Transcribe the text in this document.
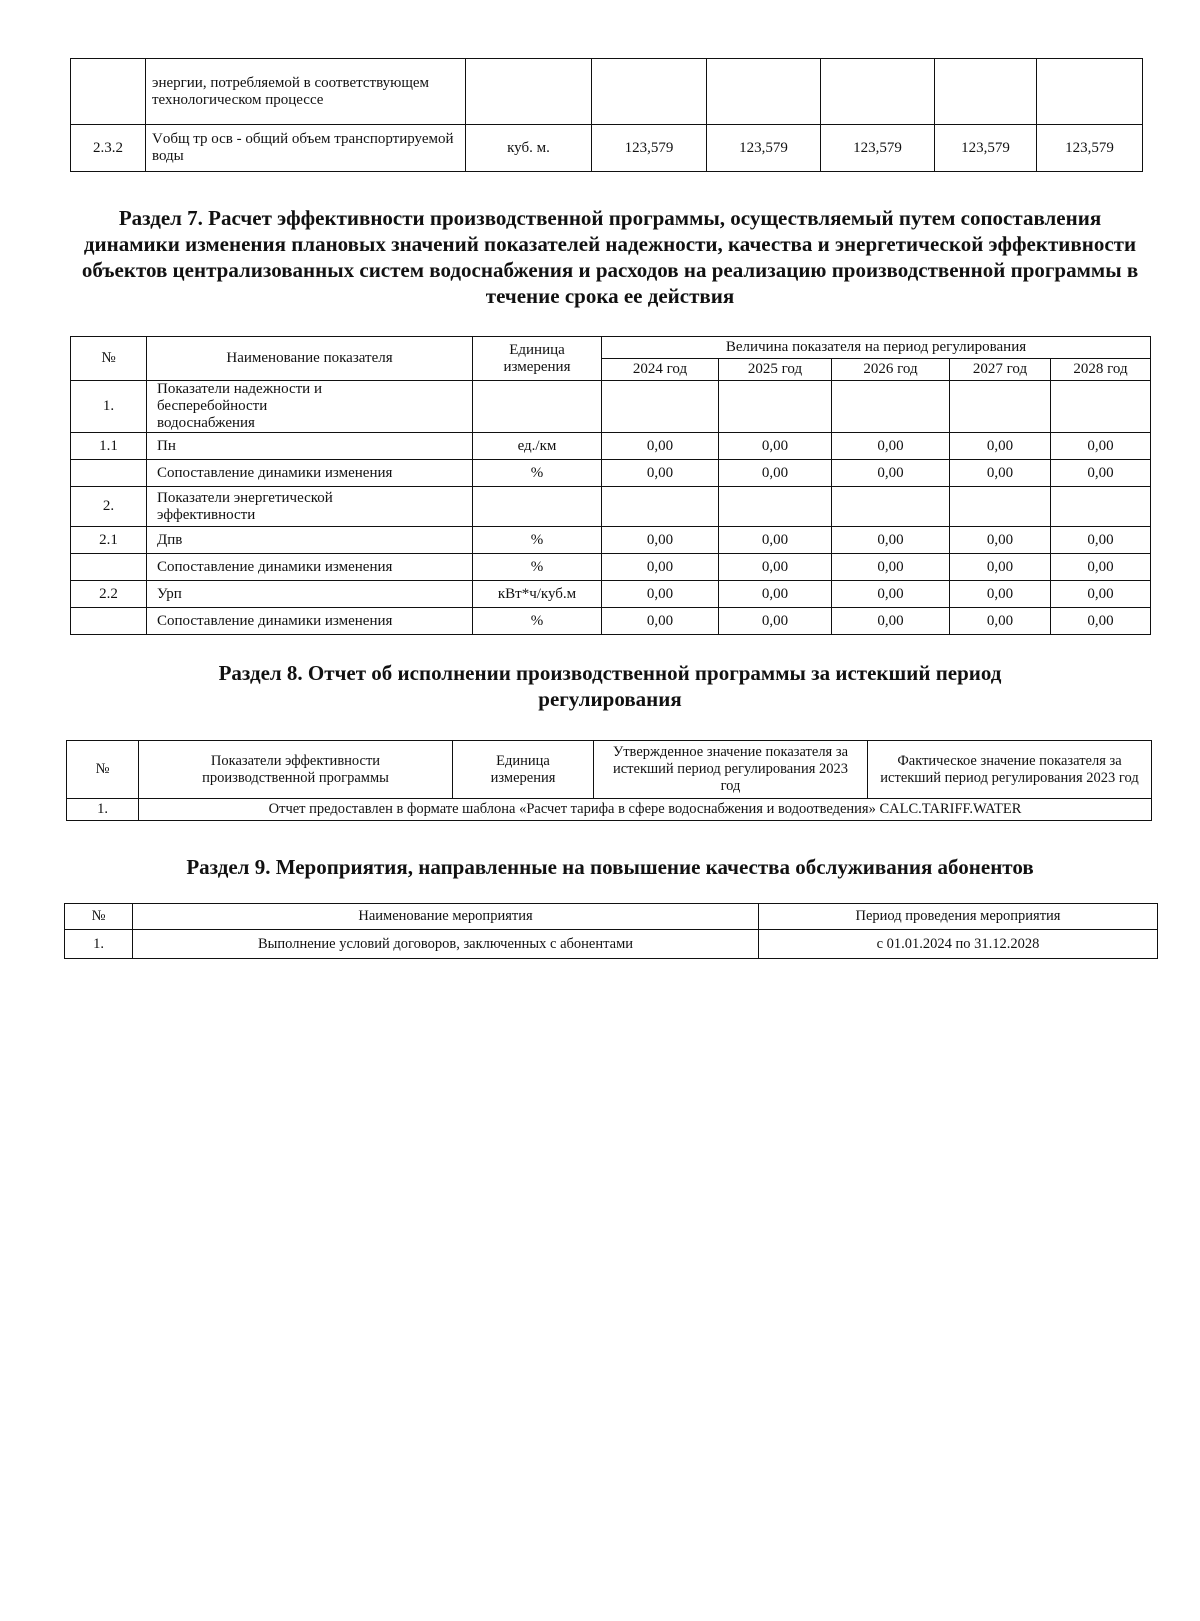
	энергии, потребляемой в соответствующем технологическом процессе						
2.3.2	Vобщ тр осв - общий объем транспортируемой воды	куб. м.	123,579	123,579	123,579	123,579	123,579
Раздел 7. Расчет эффективности производственной программы, осуществляемый путем сопоставления динамики изменения плановых значений показателей надежности, качества и энергетической эффективности объектов централизованных систем водоснабжения и расходов на реализацию производственной программы в течение срока ее действия
№	Наименование показателя	Единица измерения	Величина показателя на период регулирования				
			2024 год	2025 год	2026 год	2027 год	2028 год
1.	Показатели надежности и бесперебойности водоснабжения						
1.1	Пн	ед./км	0,00	0,00	0,00	0,00	0,00
	Сопоставление динамики изменения	%	0,00	0,00	0,00	0,00	0,00
2.	Показатели энергетической эффективности						
2.1	Дпв	%	0,00	0,00	0,00	0,00	0,00
	Сопоставление динамики изменения	%	0,00	0,00	0,00	0,00	0,00
2.2	Урп	кВт*ч/куб.м	0,00	0,00	0,00	0,00	0,00
	Сопоставление динамики изменения	%	0,00	0,00	0,00	0,00	0,00
Раздел 8. Отчет об исполнении производственной программы за истекший период регулирования
№	Показатели эффективности производственной программы	Единица измерения	Утвержденное значение показателя за истекший период регулирования 2023 год	Фактическое значение показателя за истекший период регулирования 2023 год
1.	Отчет предоставлен в формате шаблона «Расчет тарифа в сфере водоснабжения и водоотведения» CALC.TARIFF.WATER			
Раздел 9. Мероприятия, направленные на повышение качества обслуживания абонентов
№	Наименование мероприятия	Период проведения мероприятия
1.	Выполнение условий договоров, заключенных с абонентами	с 01.01.2024 по 31.12.2028
